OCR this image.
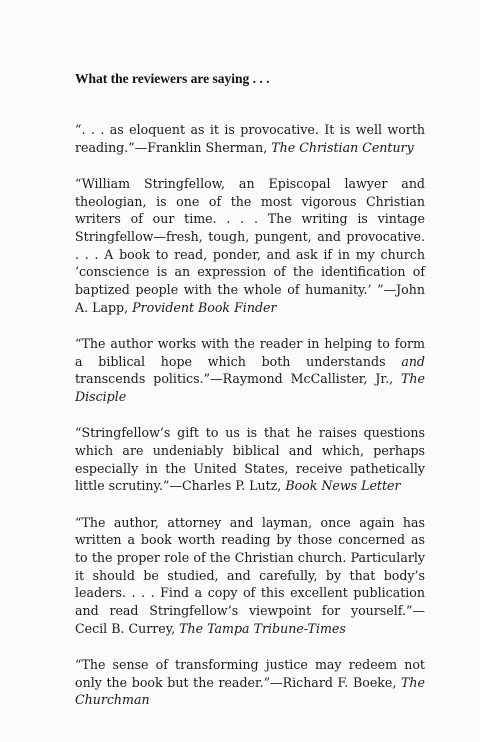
What the reviewers are saying . . .

“. . . as eloquent as it is provocative. It is well worth reading.”—Franklin Sherman, The Christian Century

“William Stringfellow, an Episcopal lawyer and theologian, is one of the most vigorous Christian writers of our time. . . . The writing is vintage Stringfellow—fresh, tough, pungent, and provocative. . . . A book to read, ponder, and ask if in my church ‘conscience is an expression of the identification of baptized people with the whole of humanity.’ ”—John A. Lapp, Provident Book Finder

“The author works with the reader in helping to form a biblical hope which both understands and transcends politics.”—Raymond McCallister, Jr., The Disciple

“Stringfellow’s gift to us is that he raises questions which are undeniably biblical and which, perhaps especially in the United States, receive pathetically little scrutiny.”—Charles P. Lutz, Book News Letter

“The author, attorney and layman, once again has written a book worth reading by those concerned as to the proper role of the Christian church. Particularly it should be studied, and carefully, by that body’s leaders. . . . Find a copy of this excellent publication and read Stringfellow’s viewpoint for yourself.”— Cecil B. Currey, The Tampa Tribune-Times

“The sense of transforming justice may redeem not only the book but the reader.”—Richard F. Boeke, The Churchman
